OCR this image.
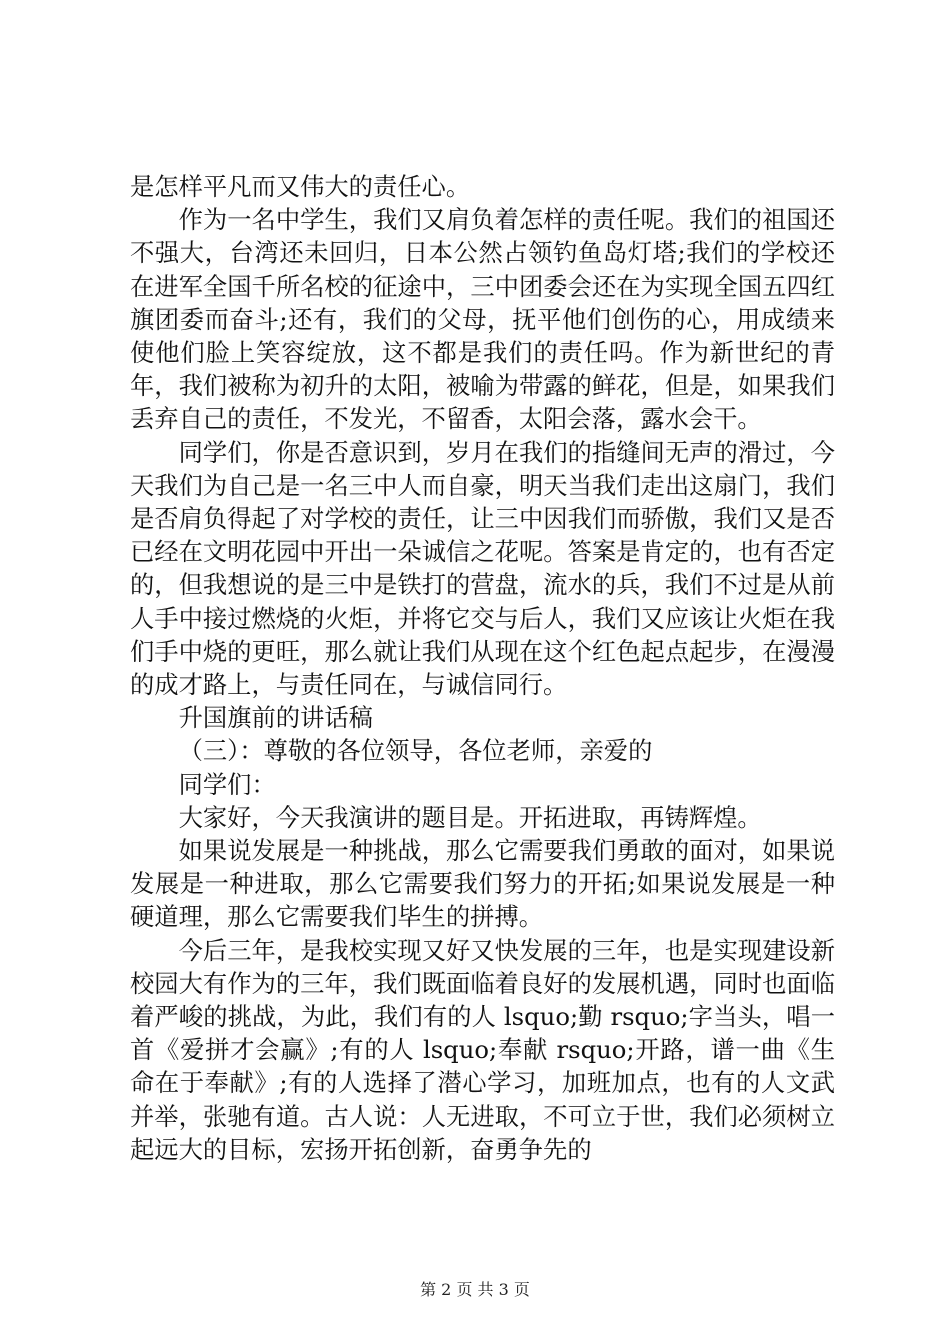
是怎样平凡而又伟大的责任心。

作为一名中学生，我们又肩负着怎样的责任呢。我们的祖国还不强大，台湾还未回归，日本公然占领钓鱼岛灯塔;我们的学校还在进军全国千所名校的征途中，三中团委会还在为实现全国五四红旗团委而奋斗;还有，我们的父母，抚平他们创伤的心，用成绩来使他们脸上笑容绽放，这不都是我们的责任吗。作为新世纪的青年，我们被称为初升的太阳，被喻为带露的鲜花，但是，如果我们丢弃自己的责任，不发光，不留香，太阳会落，露水会干。

同学们，你是否意识到，岁月在我们的指缝间无声的滑过，今天我们为自己是一名三中人而自豪，明天当我们走出这扇门，我们是否肩负得起了对学校的责任，让三中因我们而骄傲，我们又是否已经在文明花园中开出一朵诚信之花呢。答案是肯定的，也有否定的，但我想说的是三中是铁打的营盘，流水的兵，我们不过是从前人手中接过燃烧的火炬，并将它交与后人，我们又应该让火炬在我们手中烧的更旺，那么就让我们从现在这个红色起点起步，在漫漫的成才路上，与责任同在，与诚信同行。

升国旗前的讲话稿

（三）：尊敬的各位领导，各位老师，亲爱的

同学们：

大家好，今天我演讲的题目是。开拓进取，再铸辉煌。

如果说发展是一种挑战，那么它需要我们勇敢的面对，如果说发展是一种进取，那么它需要我们努力的开拓;如果说发展是一种硬道理，那么它需要我们毕生的拼搏。

今后三年，是我校实现又好又快发展的三年，也是实现建设新校园大有作为的三年，我们既面临着良好的发展机遇，同时也面临着严峻的挑战，为此，我们有的人 lsquo;勤 rsquo;字当头，唱一首《爱拼才会赢》;有的人 lsquo;奉献 rsquo;开路，谱一曲《生命在于奉献》;有的人选择了潜心学习，加班加点，也有的人文武并举，张驰有道。古人说：人无进取，不可立于世，我们必须树立起远大的目标，宏扬开拓创新，奋勇争先的

第 2 页 共 3 页
